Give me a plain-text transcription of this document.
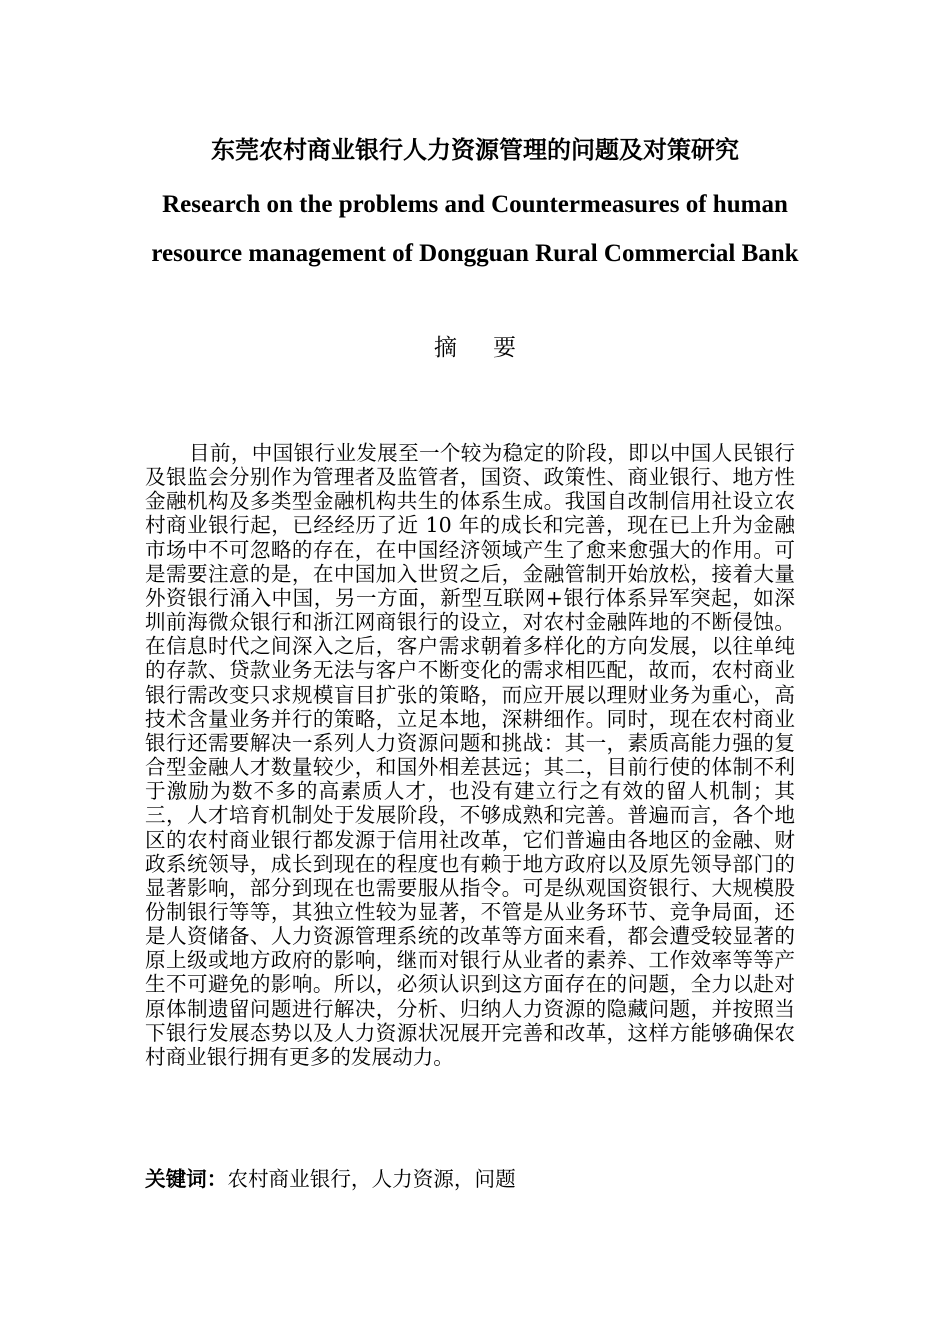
东莞农村商业银行人力资源管理的问题及对策研究
Research on the problems and Countermeasures of human resource management of Dongguan Rural Commercial Bank
摘要

目前，中国银行业发展至一个较为稳定的阶段，即以中国人民银行及银监会分别作为管理者及监管者，国资、政策性、商业银行、地方性金融机构及多类型金融机构共生的体系生成。我国自改制信用社设立农村商业银行起，已经经历了近 10 年的成长和完善，现在已上升为金融市场中不可忽略的存在，在中国经济领域产生了愈来愈强大的作用。可是需要注意的是，在中国加入世贸之后，金融管制开始放松，接着大量外资银行涌入中国，另一方面，新型互联网+银行体系异军突起，如深圳前海微众银行和浙江网商银行的设立，对农村金融阵地的不断侵蚀。在信息时代之间深入之后，客户需求朝着多样化的方向发展，以往单纯的存款、贷款业务无法与客户不断变化的需求相匹配，故而，农村商业银行需改变只求规模盲目扩张的策略，而应开展以理财业务为重心，高技术含量业务并行的策略，立足本地，深耕细作。同时，现在农村商业银行还需要解决一系列人力资源问题和挑战：其一，素质高能力强的复合型金融人才数量较少，和国外相差甚远；其二，目前行使的体制不利于激励为数不多的高素质人才，也没有建立行之有效的留人机制；其三，人才培育机制处于发展阶段，不够成熟和完善。普遍而言，各个地区的农村商业银行都发源于信用社改革，它们普遍由各地区的金融、财政系统领导，成长到现在的程度也有赖于地方政府以及原先领导部门的显著影响，部分到现在也需要服从指令。可是纵观国资银行、大规模股份制银行等等，其独立性较为显著，不管是从业务环节、竞争局面，还是人资储备、人力资源管理系统的改革等方面来看，都会遭受较显著的原上级或地方政府的影响，继而对银行从业者的素养、工作效率等等产生不可避免的影响。所以，必须认识到这方面存在的问题，全力以赴对原体制遗留问题进行解决，分析、归纳人力资源的隐藏问题，并按照当下银行发展态势以及人力资源状况展开完善和改革，这样方能够确保农村商业银行拥有更多的发展动力。

关键词：农村商业银行，人力资源，问题
